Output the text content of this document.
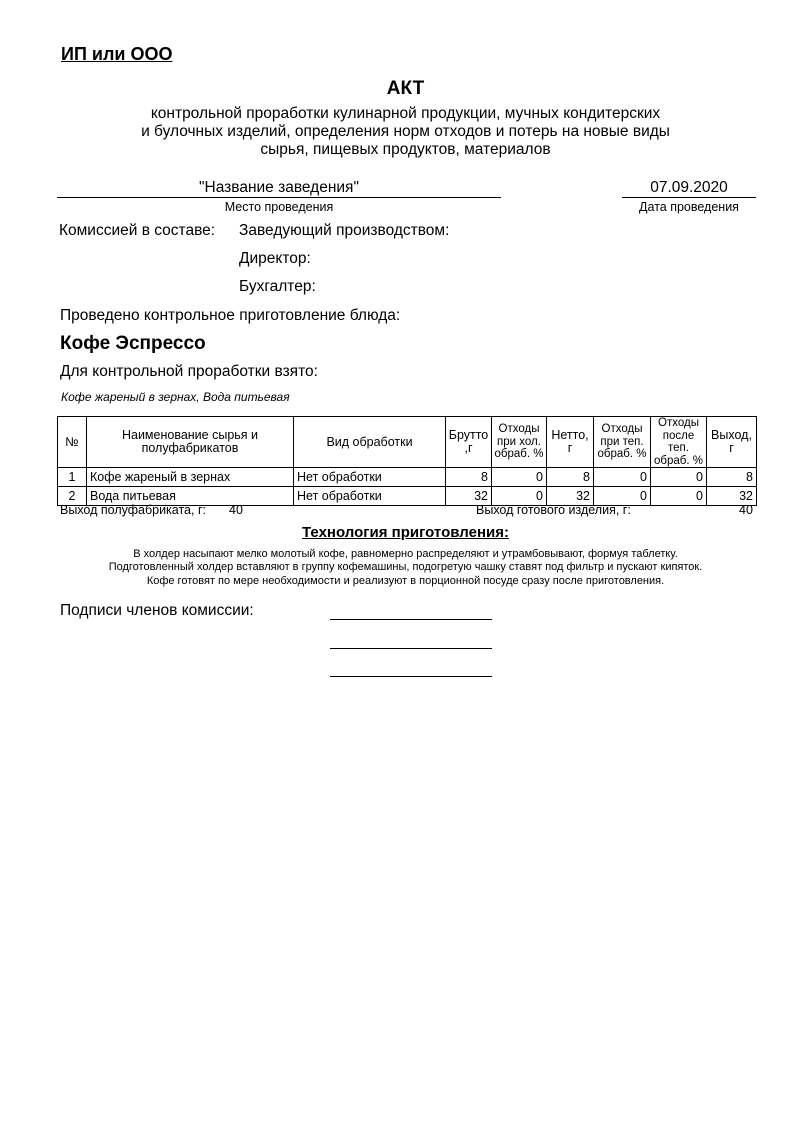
ИП или ООО
АКТ
контрольной проработки кулинарной продукции, мучных кондитерских
и булочных изделий, определения норм отходов и потерь на новые виды
сырья, пищевых продуктов, материалов
"Название заведения"
Место проведения
07.09.2020
Дата проведения
Комиссией в составе: Заведующий производством:
Директор:
Бухгалтер:
Проведено контрольное приготовление блюда:
Кофе Эспрессо
Для контрольной проработки взято:
Кофе жареный в зернах, Вода питьевая
№	Наименование сырья и полуфабрикатов	Вид обработки	Брутто ,г	Отходы при хол. обраб. %	Нетто, г	Отходы при теп. обраб. %	Отходы после теп. обраб. %	Выход, г
1	Кофе жареный в зернах	Нет обработки	8	0	8	0	0	8
2	Вода питьевая	Нет обработки	32	0	32	0	0	32
Выход полуфабриката, г: 40	Выход готового изделия, г:	40
Технология приготовления:
В холдер насыпают мелко молотый кофе, равномерно распределяют и утрамбовывают, формуя таблетку.
Подготовленный холдер вставляют в группу кофемашины, подогретую чашку ставят под фильтр и пускают кипяток.
Кофе готовят по мере необходимости и реализуют в порционной посуде сразу после приготовления.
Подписи членов комиссии:
